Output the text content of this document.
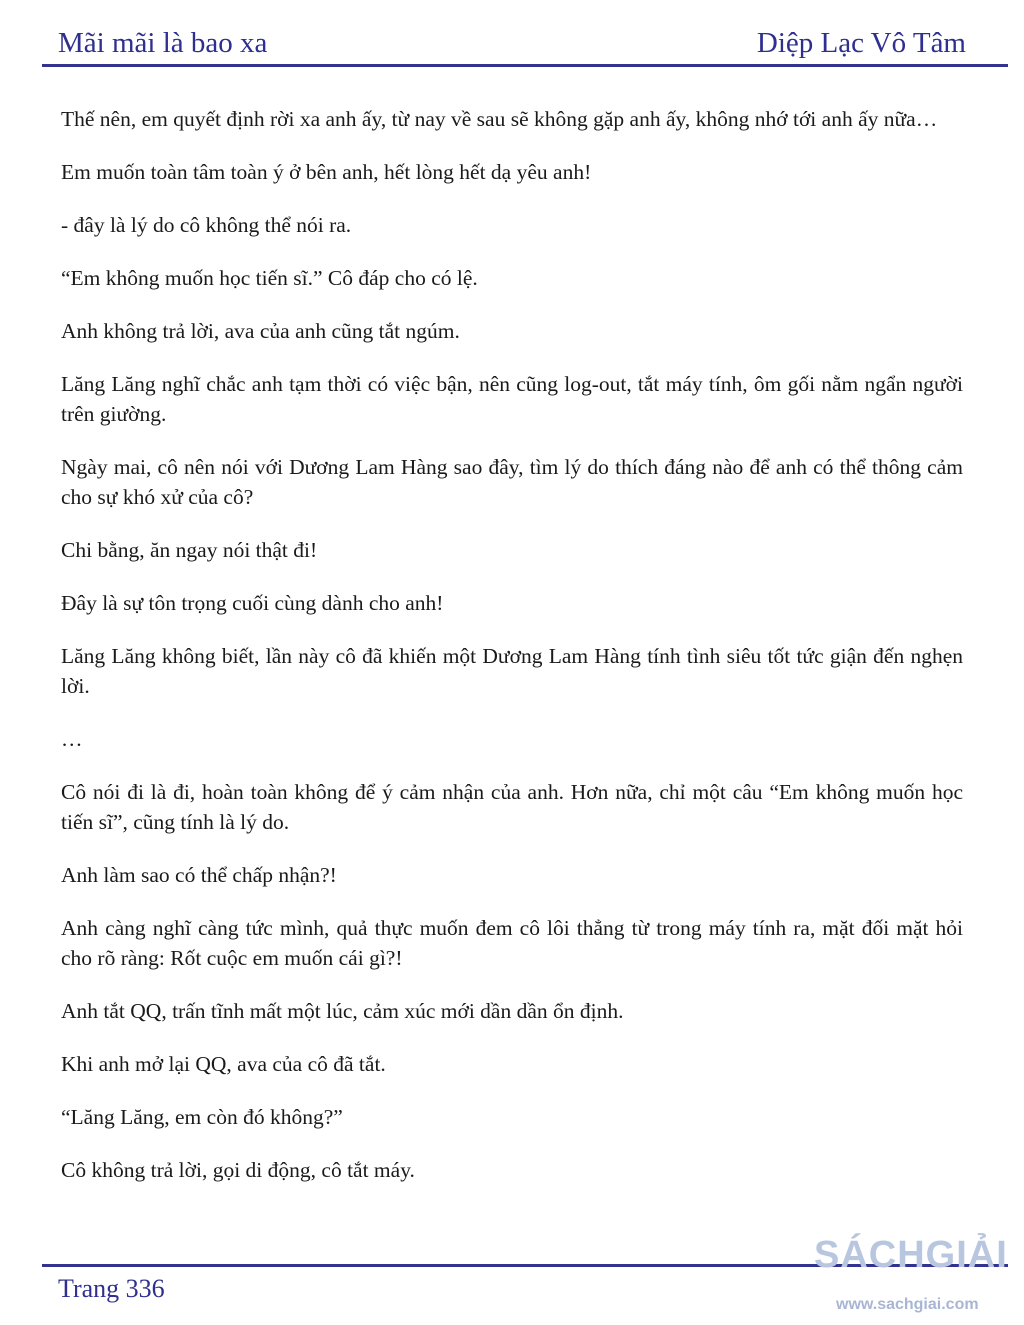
Mãi mãi là bao xa	Diệp Lạc Vô Tâm

Thế nên, em quyết định rời xa anh ấy, từ nay về sau sẽ không gặp anh ấy, không nhớ tới anh ấy nữa…

Em muốn toàn tâm toàn ý ở bên anh, hết lòng hết dạ yêu anh!

- đây là lý do cô không thể nói ra.

“Em không muốn học tiến sĩ.” Cô đáp cho có lệ.

Anh không trả lời, ava của anh cũng tắt ngúm.

Lăng Lăng nghĩ chắc anh tạm thời có việc bận, nên cũng log-out, tắt máy tính, ôm gối nằm ngẩn người trên giường.

Ngày mai, cô nên nói với Dương Lam Hàng sao đây, tìm lý do thích đáng nào để anh có thể thông cảm cho sự khó xử của cô?

Chi bằng, ăn ngay nói thật đi!

Đây là sự tôn trọng cuối cùng dành cho anh!

Lăng Lăng không biết, lần này cô đã khiến một Dương Lam Hàng tính tình siêu tốt tức giận đến nghẹn lời.

…

Cô nói đi là đi, hoàn toàn không để ý cảm nhận của anh. Hơn nữa, chỉ một câu “Em không muốn học tiến sĩ”, cũng tính là lý do.

Anh làm sao có thể chấp nhận?!

Anh càng nghĩ càng tức mình, quả thực muốn đem cô lôi thẳng từ trong máy tính ra, mặt đối mặt hỏi cho rõ ràng: Rốt cuộc em muốn cái gì?!

Anh tắt QQ, trấn tĩnh mất một lúc, cảm xúc mới dần dần ổn định.

Khi anh mở lại QQ, ava của cô đã tắt.

“Lăng Lăng, em còn đó không?”

Cô không trả lời, gọi di động, cô tắt máy.

Trang 336
SÁCHGIẢI
www.sachgiai.com
